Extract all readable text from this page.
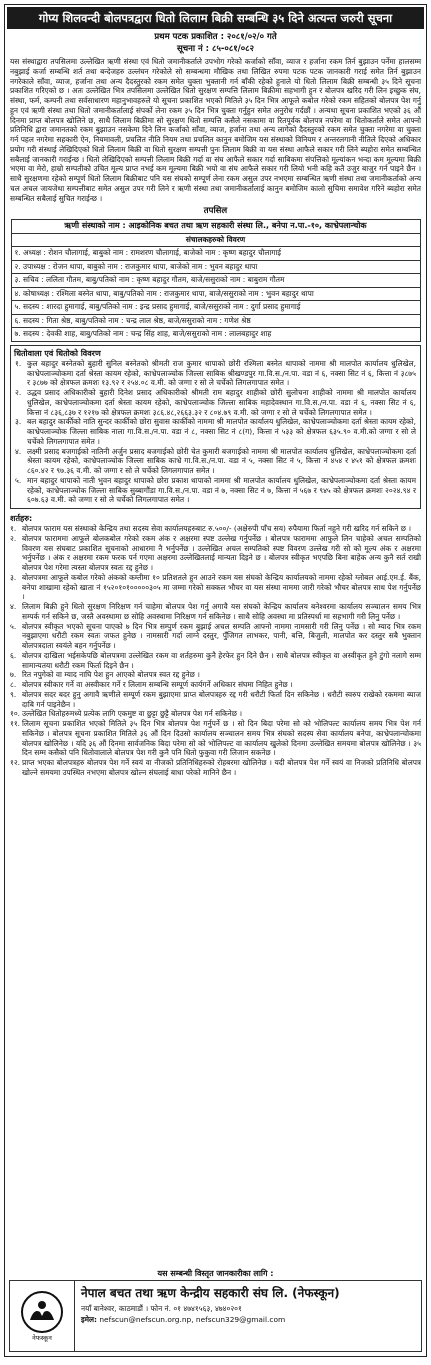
गोप्य शिलवन्दी बोलपत्रद्वारा धितो लिलाम बिक्री सम्बन्धि ३५ दिने अत्यन्त जरुरी सूचना
प्रथम पटक प्रकाशित : २०८१/०२/० गते
सूचना नं : ८५-०८१/०८२
यस संस्थाद्वारा तपसिलमा उल्लेखित ऋणी संस्था एवं धितो जमानीकर्ताले उपभोग गरेको कर्जाको साँवा, व्याज र हर्जाना रकम तिर्न बुझाउन पर्नेमा हालसम्म नबुझाई कर्जा सम्बन्धि शर्त तथा बन्देजहरु उल्लंघन गरेकोले सो सम्बन्धमा मौखिक तथा लिखित रुपमा पटक पटक जानकारी गराई समेत तिर्न बुझाउन नगरेकाले साँवा, व्याज, हर्जाना तथा अन्य दैदस्तुरको रकम समेत चुक्ता भुक्तानी गर्न बाँकी रहेको हुनाले यो धितो लिलाम बिक्री सम्बन्धी ३५ दिने सूचना प्रकाशित गरिएको छ । अतः उल्लेखित भित्र तपसिलमा उल्लेखित धितो सुरक्षण सम्पत्ति लिलाम बिक्रीमा सहभागी हुन र बोलपत्र खरिद गरी लिन इच्छुक संघ, संस्था, फर्म, कम्पनी तथा सर्वसाधारण महानुभावहरुले यो सूचना प्रकाशित भएको मितिले ३५ दिन भित्र आफूले कबोल गरेको रकम सहितको बोलपत्र पेश गर्नु हुन एवं ऋणी संस्था तथा धितो जमानीकर्तालाई संपर्को लेना रकम ३५ दिन भित्र चुक्ता गर्नुहुन समेत अनुरोध गर्दछौं । अन्यथा सूचना प्रकाशित भएको ३६ औं दिनमा प्राप्त बोलपत्र खोलिने छ, साथै लिलाम बिक्रीमा सो सुरक्षण धितो सम्पत्ति कसैले नसकामा वा रितपूर्वक बोलपत्र नपरेमा वा धितोकर्ताले समेत आफ्नो प्रतिनिधि द्वारा जमानतको रकम बुझाउन नसकेमा दिने लिन कर्जाको साँवा, व्याज, हर्जाना तथा अन्य लागेको दैदस्तुरको रकम समेत चुक्ता नगरेमा वा चुक्ता गर्न पहल नगरेमा सहकारी ऐन, नियमावली, प्रचलित नीति नियम तथा प्रचलित कानुन बमोजिम यस संस्थाको विनियम र अन्तरलगानी नीतिले दिएको अधिकार प्रयोग गरी संस्थाई लेखिदिएको धितो लिलाम बिक्री वा धितो सुरक्षण सम्पत्ती पुनः लिलाम बिक्री वा यस संस्था आफैले सकार गरी लिने ब्यहोरा समेत सम्बन्धित सबैलाई जानकारी गराईन्छ । धितो लेखिदिएको सम्पत्ती लिलाम बिक्री गर्दा वा संघ आफैले सकार गर्दा साबिकमा संपत्तिको मूल्यांकन भन्दा कम मूल्यमा बिक्री भएमा वा मेरो, हाम्रो सम्पतीको उचित मूल्य प्राप्त नभई कम मूल्यमा बिक्री भयो वा संघ आफैले सकार गरी लियो भनी कहि कतै उजुर बाजुर गर्न पाइने छैन । साथै सुरक्षणमा रहेको सम्पूर्ण धितो लिलाम बिक्रीबाट पनि यस संघको सम्पूर्ण लेना रकम असुल उपर नभएमा सम्बन्धित ऋणी संस्था तथा जमानीकर्ताको अन्य चल अचल जायजेथा सम्पत्तीबाट समेत असुल उपर गरी लिने र ऋणी संस्था तथा जमानीकर्तालाई कानुन बमोजिम कालो सुचिमा समावेश गरिने ब्यहोरा समेत सम्बन्धित सबैलाई सुचित गराईन्छ ।
तपसिल
ऋणी संस्थाको नाम : आइकोनिक बचत तथा ऋण सहकारी संस्था लि., बनेपा न.पा.-१०, काभ्रेपलान्चोक
संचालकहरुको विवरण
१. अध्यक्ष : रोशन चौलागाई, बाबुको नाम : रामशरण चौलागाई, बाजेको नाम : कृष्ण बहादुर चौलागाई
२. उपाध्यक्ष : रोजन थापा, बाबुको नाम : राजकुमार थापा, बाजेको नाम : भुवन बहादुर थापा
३. सचिव : ललिता गौतम, बाबु/पतिको नाम : कृष्ण बहादुर गौतम, बाजे/ससुराको नाम : बाबुराम गौतम
४. कोषाध्यक्ष : रश्मिला बस्नेत थापा, बाबु/पतिको नाम : राजकुमार थापा, बाजे/ससुराको नाम : भुवन बहादुर थापा
५. सदस्य : शारदा हुमागाई, बाबु/पतिको नाम : इन्द्र प्रसाद हुमागाई, बाजे/ससुराको नाम : दुर्गा प्रसाद हुमागाई
६. सदस्य : गिता श्रेष्ठ, बाबु/पतिको नाम : चन्द्र लाल श्रेष्ठ, बाजे/ससुराको नाम : गणेश श्रेष्ठ
७. सदस्य : देवकी शाह, बाबु/पतिको नाम : चन्द्र सिंह शाह, बाजे/ससुराको नाम : लालबहादुर शाह
धितोवाला एवं धितोको विवरण
१. कुल बहादुर बस्नेतको बुहारी सुनिल बस्नेतको श्रीमती राज कुमार थापाको छोरी रश्मिला बस्नेत थापाको नाममा श्री मालपोत कार्यालय धुलिखेल, काभ्रेपलाञ्चोकमा दर्ता श्रेस्ता कायम रहेको, काभ्रेपलाञ्चोक जिल्ला साबिक श्रीखण्डपुर गा.वि.स./न.पा. वडा नं ६, नक्सा सिट नं ६, कित्ता नं ३८७५ र ३८७७ को क्षेत्रफल क्रमशः १३.९२ र २५४.०८ व.मी. को जग्गा र सो ले चर्चेको लिगलगापात समेत ।
२. उद्धव प्रसाद अधिकारीको बुहारी दिनेश प्रसाद अधिकारीको श्रीमती राम बहादुर शाहीको छोरी सुलोचना शाहीको नाममा श्री मालपोत कार्यालय धुलिखेल, काभ्रेपलाञ्चोकमा दर्ता श्रेस्ता कायम रहेको, काभ्रेपलाञ्चोक जिल्ला साबिक महादेवस्थान गा.वि.स./न.पा. वडा नं ६, नक्सा सिट नं ६, कित्ता नं ८३६,८३७ र १२१७ को क्षेत्रफल क्रमशः ३८६.४८,२६६३.३२ र ८०४.७९ व.मी. को जग्गा र सो ले चर्चेको लिगलगापात समेत ।
३. बल बहादुर कार्कीको नाति सुन्दर कार्कीको छोरा सुवास कार्कीको नाममा श्री मालपोत कार्यालय धुलिखेल, काभ्रेपलाञ्चोकमा दर्ता श्रेस्ता कायम रहेको, काभ्रेपलाञ्चोक जिल्ला साबिक नाला गा.वि.स./न.पा. वडा नं ८, नक्सा सिट नं ८(ग), कित्ता नं ५३३ को क्षेत्रफल ६३५.९० व.मी.को जग्गा र सो ले चर्चेको लिगलगापात समेत ।
४. लक्ष्मी प्रसाद बजगाईको नातिनी अर्जुन प्रसाद बजगाईको छोरी चेत कुमारी बजगाईको नाममा श्री मालपोत कार्यालय धुलिखेल, काभ्रेपलाञ्चोकमा दर्ता श्रेस्ता कायम रहेको, काभ्रेपलाञ्चोक जिल्ला साबिक काभ्रे गा.वि.स./न.पा. वडा नं ५, नक्सा सिट नं ५, कित्ता नं ४५४ र ४५१ को क्षेत्रफल क्रमशः ८६०.४२ र ९७.३६ व.मी. को जग्गा र सो ले चर्चेको लिगलगापात समेत ।
५. मान बहादुर थापाको नाती भुवन बहादुर थापाको छोरा प्रकाश थापाको नाममा श्री मालपोत कार्यालय धुलिखेल, काभ्रेपलाञ्चोकमा दर्ता श्रेस्ता कायम रहेको, काभ्रेपलाञ्चोक जिल्ला साबिक सुब्बागौंडा गा.वि.स./न.पा. वडा नं ७, नक्सा सिट नं ७, कित्ता नं ५६७ र ९४५ को क्षेत्रफल क्रमशः २०२४.९४ र ६०७.६३ व.मी. को जग्गा र सो ले चर्चेको लिगलगापात समेत ।
शर्तहरु:
१. बोलपत्र फाराम यस संस्थाको केन्द्रिय तथा सदस्य सेवा कार्यालयहरुबाट रु.५००/- (अक्षेरुपी पाँच सय) रुपैयामा फिर्ता नहुने गरी खरिद गर्न सकिने छ ।
२. बोलपत्र फाराममा आफूले बोलकबोल गरेको रकम अंक र अक्षरमा स्पष्ट उल्लेख गर्नुपर्नेछ । बोलपत्र फाराममा आफुले लिन चाहेको अचल सम्पतिको विवरण यस संघबाट प्रकाशित सूचनाको आधारमा नै भर्नुपर्नेछ । उल्लेखित अचल सम्पतिको स्पष्ट विवरण उल्लेख गरी सो को मूल्य अंक र अक्षरमा भर्नुपर्नेछ । अंक र अक्षरमा रकम फरक पर्न गएमा अक्षरमा उल्लेखितलाई मान्यता दिइने छ । बोलपत्र स्वीकृत भएपछि बिना बाहेक अन्य कुनै सर्त राखी बोलपत्र पेश गरेमा त्यस्ता बोलपत्र स्वतः रद्द हुनेछ ।
३. बोलपत्रमा आफूले कबोल गरेको अंकको कम्तीमा १० प्रतिशतले हुन आउने रकम यस संघको केन्द्रिय कार्यालयको नाममा रहेको ग्लोबल आई.एम.ई. बैंक, बनेपा शाखामा रहेको खाता नं १५२०१०१०००००३०५ मा जम्मा गरेको सक्कल भौचर वा यस संस्था नाममा जारी गरेको भौचर बोलपत्र साथ पेश गर्नुपर्नेछ ।
४. लिलाम बिक्री हुने धितो सुरक्षण निरिक्षण गर्न चाहेमा बोलपत्र पेश गर्नु अगावै यस संघको केन्द्रिय कार्यालय बनेश्वरमा कार्यालय सञ्चालन समय भित्र सम्पर्क गर्न सकिने छ, जस्तै अवस्थामा छ सोहि अवस्थामा निरिक्षण गर्न सकिनेछ । साथै सोहि अवस्था मा प्रतिस्पर्धा मा सहभागी गरी लिनु पर्नेछ ।
५. बोलपत्र स्वीकृत भएको सूचना पाएको ७ दिन भित्र सम्पुर्ण रकम बुझाई अचल सम्पति आफ्नो नाममा नामसारी गरी लिनु पर्नेछ । सो म्याद भित्र रकम नबुझाएमा धरौटी रकम स्वतः जफत हुनेछ । नामसारी गर्दा लाग्ने दस्तुर, पुँजिगत लाभकर, पानी, बत्ति, बिजुली, मालपोत कर दस्तुर सबै भुक्तान बोलपत्रदाता स्वयंले बहन गर्नुपर्नेछ ।
६. बोलपत्र दाखिला भईसकेपछि बोलपत्रमा उल्लेखित रकम वा शर्तहरुमा कुनै हेरफेर हुन दिने छैन । साथै बोलपत्र स्वीकृत वा अस्वीकृत हुने टुंगो नलागे सम्म सामान्यतया धरौटी रकम फिर्ता दिइने छैन ।
७. रित नपुगेको वा म्याद नाघि पेश हुन आएको बोलपत्र स्वत रद्द हुनेछ ।
८. बोलपत्र स्वीकार गर्ने वा अस्वीकार गर्ने र लिलाम सम्बन्धि सम्पूर्ण कार्यगर्ने अधिकार संघमा निहित हुनेछ ।
९. बोलपत्र सदर बदर हुनु अगावै ऋणीले सम्पूर्ण रकम बुझाएमा प्राप्त बोलपत्रहरु रद्द गरी धरौटी फिर्ता दिन सकिनेछ । धरौटी स्वरुप राखेको रकममा ब्याज दाबि गर्न पाइनेछैन ।
१०. उल्लेखित धितोहरुमध्ये प्रत्येक लागि एकमुष्ट वा छुट्टा छुट्टै बोलपत्र पेश गर्न सकिनेछ ।
११. लिलाम सूचना प्रकाशित भएको मितिले ३५ दिन भित्र बोलपत्र पेश गर्नुपर्ने छ । सो दिन बिदा परेमा सो को भोलिपल्ट कार्यालय समय भित्र पेश गर्न सकिनेछ । बोलपत्र सूचना प्रकाशित मितिले ३६ औं दिन दिउसो कार्यालय सञ्चालन समय भित्र संघको सदस्य सेवा कार्यालय बनेपा, काभ्रेपलान्चोकमा बोलपत्र खोलिनेछ । यदि ३६ औं दिनमा सार्वजनिक बिदा परेमा सो को भोलिपल्ट वा कार्यालय खुलेको दिनमा उल्लेखित समयमा बोलपत्र खोलिनेछ । ३५ दिन सम्म कसैको पनि धितोवालाले बोलपत्र पेश गरी कुनै पनि धितो फुकुवा गरी लिजान सकनेछ ।
१२. प्राप्त भएका बोलपत्रहरु बोलपत्र पेश गर्ने स्वयं वा नीजको प्रतिनिधिहरुको रोहबरमा खोलिनेछ । यदी बोलपत्र पेश गर्ने स्वयं वा निजको प्रतिनिधि बोलपत्र खोल्ने समयमा उपस्थित नभएमा बोलपत्र खोल्न संघलाई बाधा परेको मानिने छैन ।
यस सम्बन्धी विस्तृत जानकारीका लागि :
नेफस्कून
नेपाल बचत तथा ऋण केन्द्रीय सहकारी संघ लि. (नेफस्कून)
नयाँ बानेश्वर, काठमाडौं । फोन नं. ०१ ४७४१५६३, ४७४०२०१
इमेल: nefscun@nefscun.org.np, nefscun329@gmail.com
